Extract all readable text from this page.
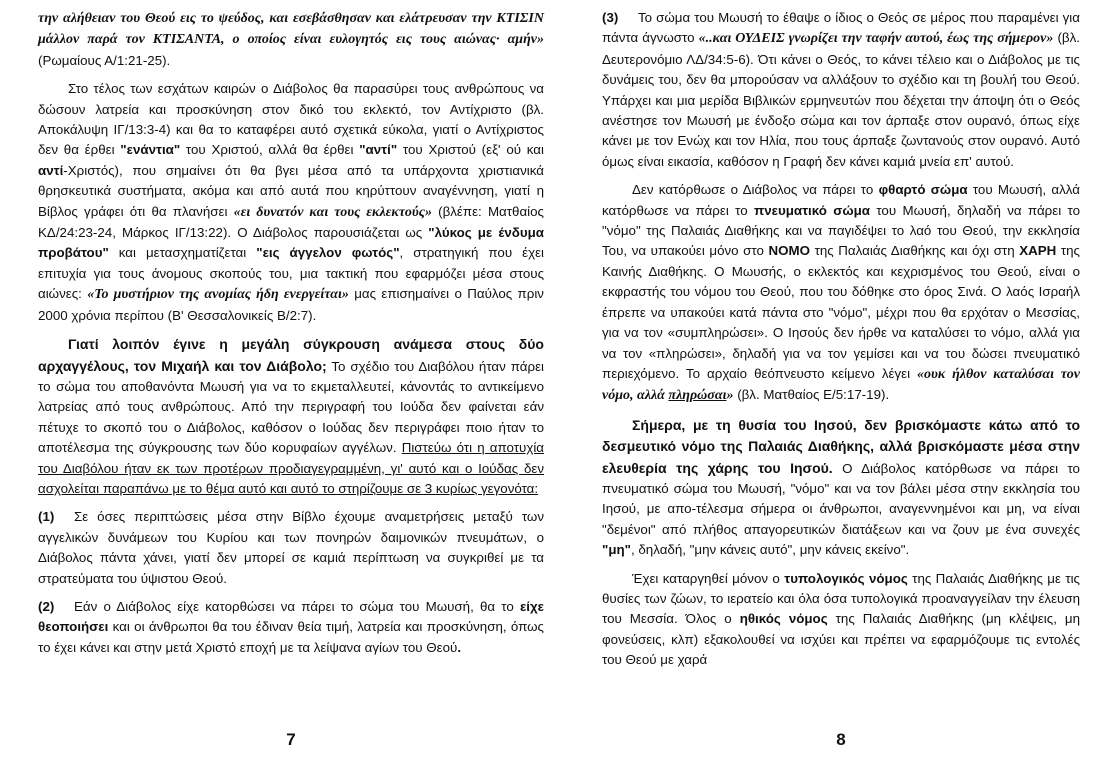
την αλήθειαν του Θεού εις το ψεύδος, και εσεβάσθησαν και ελάτρευσαν την ΚΤΙΣΙΝ μάλλον παρά τον ΚΤΙΣΑΝΤΑ, ο οποίος είναι ευλογητός εις τους αιώνας· αμήν» (Ρωμαίους Α/1:21-25).

Στο τέλος των εσχάτων καιρών ο Διάβολος θα παρασύρει τους ανθρώπους να δώσουν λατρεία και προσκύνηση στον δικό του εκλεκτό, τον Αντίχριστο (βλ. Αποκάλυψη ΙΓ/13:3-4) και θα το καταφέρει αυτό σχετικά εύκολα, γιατί ο Αντίχριστος δεν θα έρθει "ενάντια" του Χριστού, αλλά θα έρθει "αντί" του Χριστού (εξ' ού και αντί-Χριστός), που σημαίνει ότι θα βγει μέσα από τα υπάρχοντα χριστιανικά θρησκευτικά συστήματα, ακόμα και από αυτά που κηρύττουν αναγέννηση, γιατί η Βίβλος γράφει ότι θα πλανήσει «ει δυνατόν και τους εκλεκτούς» (βλέπε: Ματθαίος ΚΔ/24:23-24, Μάρκος ΙΓ/13:22). Ο Διάβολος παρουσιάζεται ως "λύκος με ένδυμα προβάτου" και μετασχηματίζεται "εις άγγελον φωτός", στρατηγική που έχει επιτυχία για τους άνομους σκοπούς του, μια τακτική που εφαρμόζει μέσα στους αιώνες: «Το μυστήριον της ανομίας ήδη ενεργείται» μας επισημαίνει ο Παύλος πριν 2000 χρόνια περίπου (Β' Θεσσαλονικείς Β/2:7).

Γιατί λοιπόν έγινε η μεγάλη σύγκρουση ανάμεσα στους δύο αρχαγγέλους, τον Μιχαήλ και τον Διάβολο; Το σχέδιο του Διαβόλου ήταν πάρει το σώμα του αποθανόντα Μωυσή για να το εκμεταλλευτεί, κάνοντάς το αντικείμενο λατρείας από τους ανθρώπους. Από την περιγραφή του Ιούδα δεν φαίνεται εάν πέτυχε το σκοπό του ο Διάβολος, καθόσον ο Ιούδας δεν περιγράφει ποιο ήταν το αποτέλεσμα της σύγκρουσης των δύο κορυφαίων αγγέλων. Πιστεύω ότι η αποτυχία του Διαβόλου ήταν εκ των προτέρων προδιαγεγραμμένη, γι' αυτό και ο Ιούδας δεν ασχολείται παραπάνω με το θέμα αυτό και αυτό το στηρίζουμε σε 3 κυρίως γεγονότα:

(1) Σε όσες περιπτώσεις μέσα στην Βίβλο έχουμε αναμετρήσεις μεταξύ των αγγελικών δυνάμεων του Κυρίου και των πονηρών δαιμονικών πνευμάτων, ο Διάβολος πάντα χάνει, γιατί δεν μπορεί σε καμιά περίπτωση να συγκριθεί με τα στρατεύματα του ύψιστου Θεού.

(2) Εάν ο Διάβολος είχε κατορθώσει να πάρει το σώμα του Μωυσή, θα το είχε θεοποιήσει και οι άνθρωποι θα του έδιναν θεία τιμή, λατρεία και προσκύνηση, όπως το έχει κάνει και στην μετά Χριστό εποχή με τα λείψανα αγίων του Θεού.

7

(3) Το σώμα του Μωυσή το έθαψε ο ίδιος ο Θεός σε μέρος που παραμένει για πάντα άγνωστο «..και ΟΥΔΕΙΣ γνωρίζει την ταφήν αυτού, έως της σήμερον» (βλ. Δευτερονόμιο ΛΔ/34:5-6). Ότι κάνει ο Θεός, το κάνει τέλειο και ο Διάβολος με τις δυνάμεις του, δεν θα μπορούσαν να αλλάξουν το σχέδιο και τη βουλή του Θεού. Υπάρχει και μια μερίδα Βιβλικών ερμηνευτών που δέχεται την άποψη ότι ο Θεός ανέστησε τον Μωυσή με ένδοξο σώμα και τον άρπαξε στον ουρανό, όπως είχε κάνει με τον Ενώχ και τον Ηλία, που τους άρπαξε ζωντανούς στον ουρανό. Αυτό όμως είναι εικασία, καθόσον η Γραφή δεν κάνει καμιά μνεία επ' αυτού.

Δεν κατόρθωσε ο Διάβολος να πάρει το φθαρτό σώμα του Μωυσή, αλλά κατόρθωσε να πάρει το πνευματικό σώμα του Μωυσή, δηλαδή να πάρει το "νόμο" της Παλαιάς Διαθήκης και να παγιδέψει το λαό του Θεού, την εκκλησία Του, να υπακούει μόνο στο ΝΟΜΟ της Παλαιάς Διαθήκης και όχι στη ΧΑΡΗ της Καινής Διαθήκης. Ο Μωυσής, ο εκλεκτός και κεχρισμένος του Θεού, είναι ο εκφραστής του νόμου του Θεού, που του δόθηκε στο όρος Σινά. Ο λαός Ισραήλ έπρεπε να υπακούει κατά πάντα στο "νόμο", μέχρι που θα ερχόταν ο Μεσσίας, για να τον «συμπληρώσει». Ο Ιησούς δεν ήρθε να καταλύσει το νόμο, αλλά για να τον «πληρώσει», δηλαδή για να τον γεμίσει και να του δώσει πνευματικό περιεχόμενο. Το αρχαίο θεόπνευστο κείμενο λέγει «ουκ ήλθον καταλύσαι τον νόμο, αλλά πληρώσαι» (βλ. Ματθαίος Ε/5:17-19).

Σήμερα, με τη θυσία του Ιησού, δεν βρισκόμαστε κάτω από το δεσμευτικό νόμο της Παλαιάς Διαθήκης, αλλά βρισκόμαστε μέσα στην ελευθερία της χάρης του Ιησού. Ο Διάβολος κατόρθωσε να πάρει το πνευματικό σώμα του Μωυσή, "νόμο" και να τον βάλει μέσα στην εκκλησία του Ιησού, με απο-τέλεσμα σήμερα οι άνθρωποι, αναγεννημένοι και μη, να είναι "δεμένοι" από πλήθος απαγορευτικών διατάξεων και να ζουν με ένα συνεχές "μη", δηλαδή, "μην κάνεις αυτό", μην κάνεις εκείνο".

Έχει καταργηθεί μόνον ο τυπολογικός νόμος της Παλαιάς Διαθήκης με τις θυσίες των ζώων, το ιερατείο και όλα όσα τυπολογικά προαναγγείλαν την έλευση του Μεσσία. Όλος ο ηθικός νόμος της Παλαιάς Διαθήκης (μη κλέψεις, μη φονεύσεις, κλπ) εξακολουθεί να ισχύει και πρέπει να εφαρμόζουμε τις εντολές του Θεού με χαρά

8
